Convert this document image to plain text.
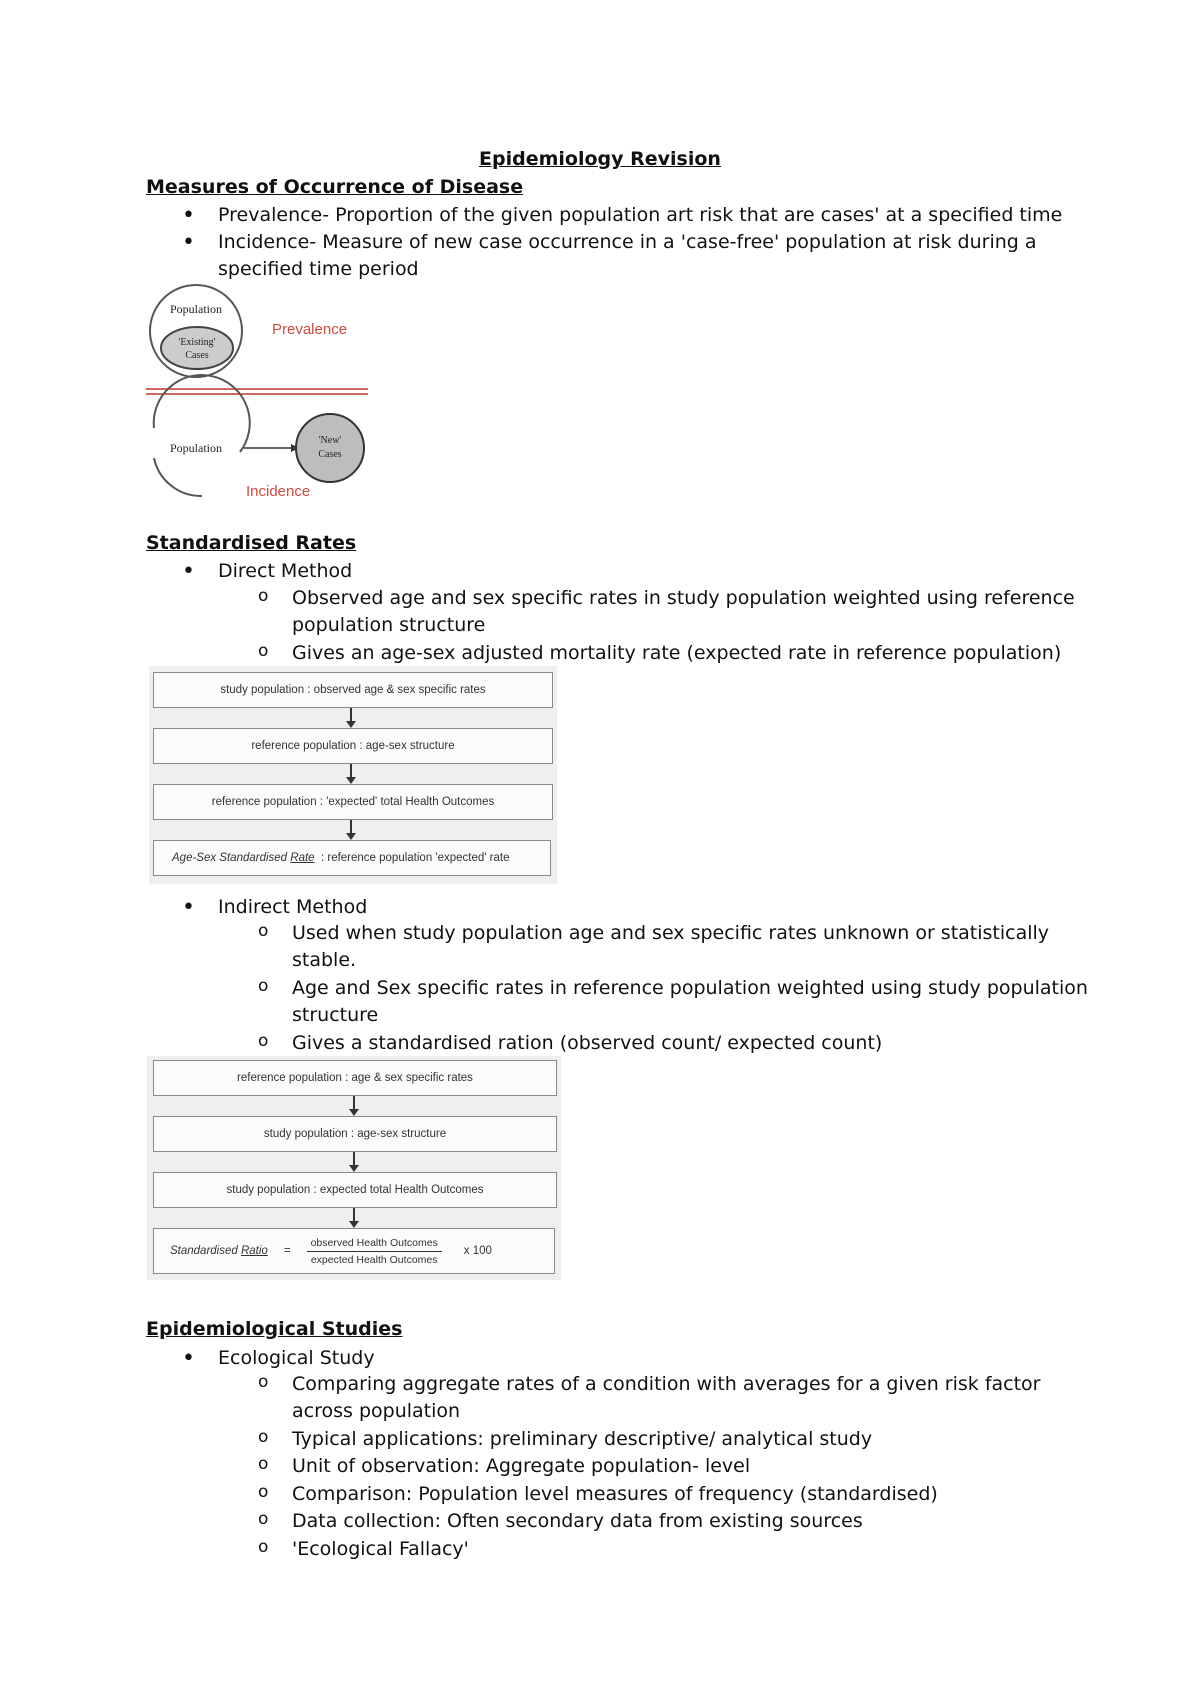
Epidemiology Revision
Measures of Occurrence of Disease
• Prevalence- Proportion of the given population art risk that are cases' at a specified time
• Incidence- Measure of new case occurrence in a 'case-free' population at risk during a specified time period
Population
'Existing'
Cases
Prevalence
Population
'New'
Cases
Incidence
Standardised Rates
• Direct Method
o Observed age and sex specific rates in study population weighted using reference population structure
o Gives an age-sex adjusted mortality rate (expected rate in reference population)
study population : observed age & sex specific rates
reference population : age-sex structure
reference population : 'expected' total Health Outcomes
Age-Sex Standardised
Rate
: reference population 'expected' rate
• Indirect Method
o Used when study population age and sex specific rates unknown or statistically stable.
o Age and Sex specific rates in reference population weighted using study population structure
o Gives a standardised ration (observed count/ expected count)
reference population : age & sex specific rates
study population : age-sex structure
study population : expected total Health Outcomes
Standardised
Ratio =
observed Health Outcomes
expected Health Outcomes
x 100
Epidemiological Studies
• Ecological Study
o Comparing aggregate rates of a condition with averages for a given risk factor across population
o Typical applications: preliminary descriptive/ analytical study
o Unit of observation: Aggregate population- level
o Comparison: Population level measures of frequency (standardised)
o Data collection: Often secondary data from existing sources
o 'Ecological Fallacy'
